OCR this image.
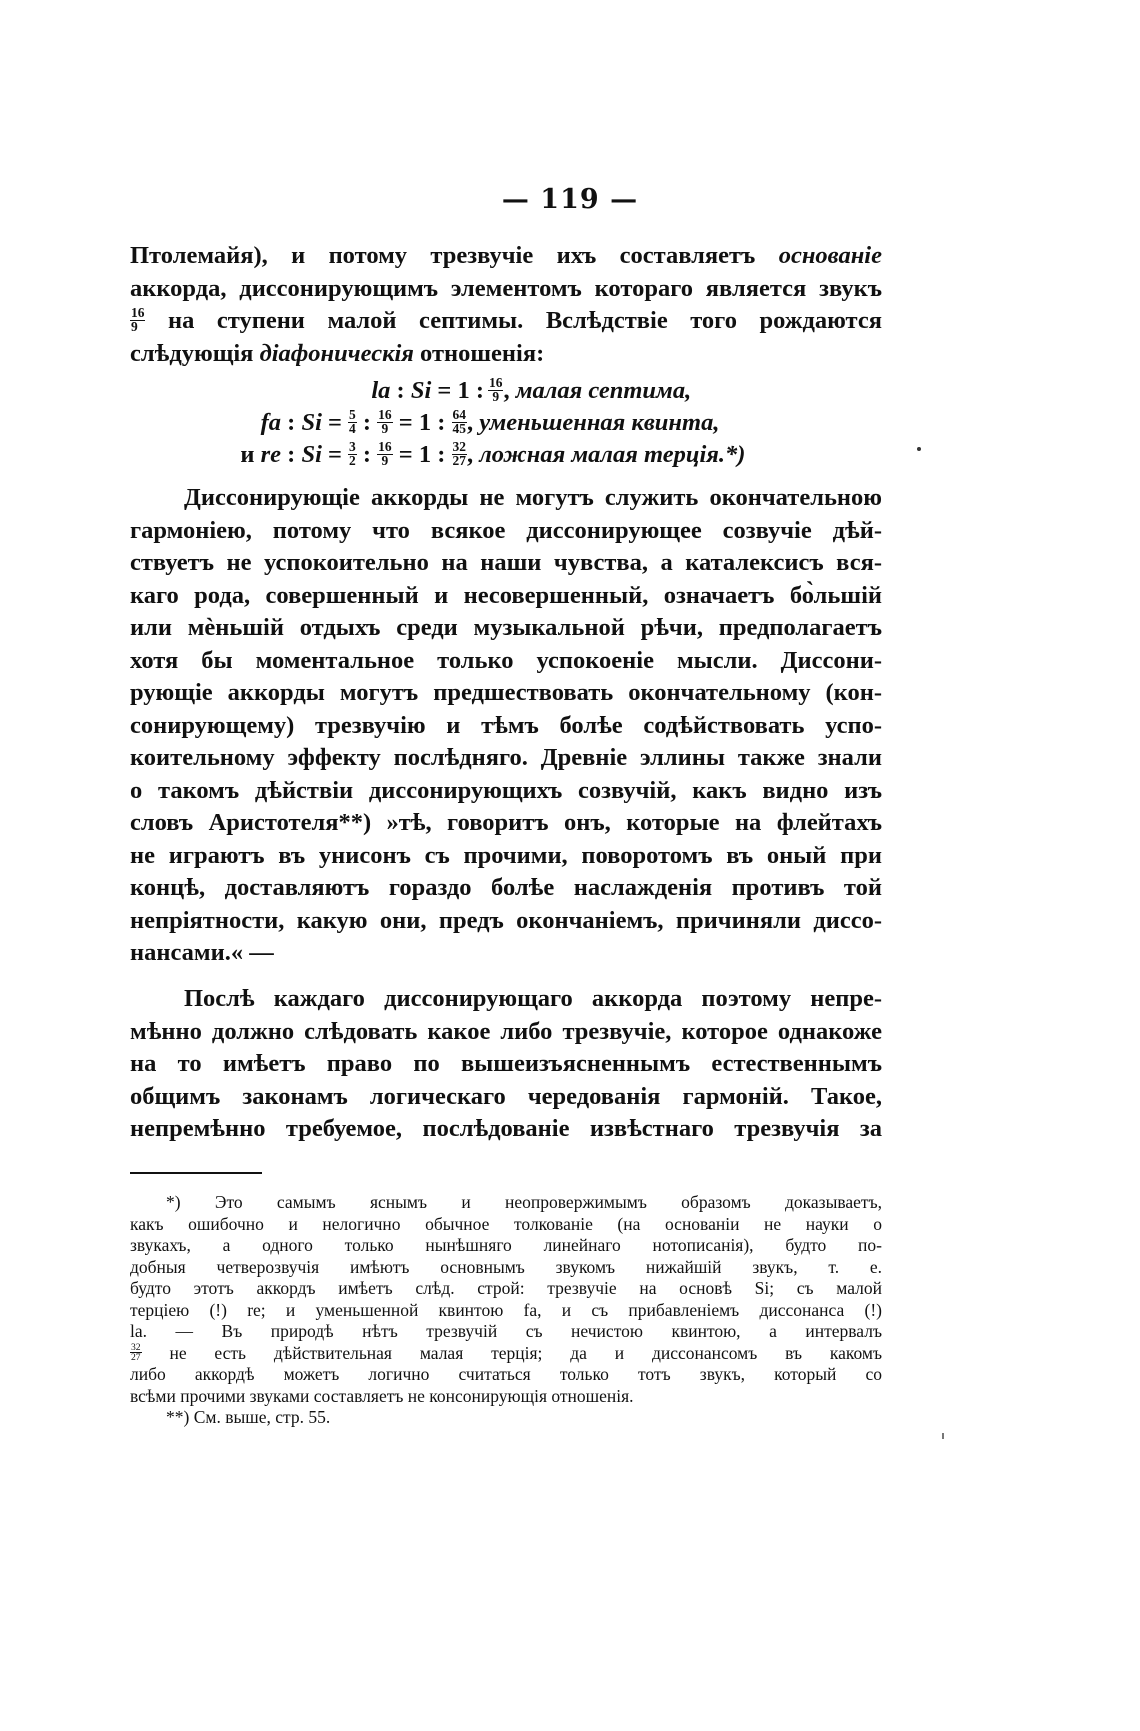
— 119 —
Птолемайя), и потому трезвучіе ихъ составляетъ основаніе
аккорда, диссонирующимъ элементомъ котораго является звукъ
$\frac{16}{9}$ на ступени малой септимы. Вслѣдствіе того рождаются
слѣдующія діафоническія отношенія:
la : Si = 1 : $\frac{16}{9}$ , малая септима,
fa : $Si = \frac{5}{4}$ : $\frac{16}{9} = 1$ : $\frac{64}{45}$ , уменьшенная квинта,
и re : $Si = \frac{3}{2}$ : $\frac{16}{9} = 1$ : $\frac{32}{27}$ , ложная малая терція.*)
Диссонирующіе аккорды не могутъ служить окончательною
гармоніею, потому что всякое диссонирующее созвучіе дѣй-
ствуетъ не успокоительно на наши чувства, а каталексисъ вся-
каго рода, совершенный и несовершенный, означаетъ бо̀льшій
или мѐньшій отдыхъ среди музыкальной рѣчи, предполагаетъ
хотя бы моментальное только успокоеніе мысли. Диссони-
рующіе аккорды могутъ предшествовать окончательному (кон-
сонирующему) трезвучію и тѣмъ болѣе содѣйствовать успо-
коительному эффекту послѣдняго. Древніе эллины также знали
о такомъ дѣйствіи диссонирующихъ созвучій, какъ видно изъ
словъ Аристотеля**) »тѣ, говоритъ онъ, которые на флейтахъ
не играютъ въ унисонъ съ прочими, поворотомъ въ оный при
концѣ, доставляютъ гораздо болѣе наслажденія противъ той
непріятности, какую они, предъ окончаніемъ, причиняли диссо-
нансами.« —
Послѣ каждаго диссонирующаго аккорда поэтому непре-
мѣнно должно слѣдовать какое либо трезвучіе, которое однакоже
на то имѣетъ право по вышеизъясненнымъ естественнымъ
общимъ законамъ логическаго чередованія гармоній. Такое,
непремѣнно требуемое, послѣдованіе извѣстнаго трезвучія за
*) Это самымъ яснымъ и неопровержимымъ образомъ доказываетъ,
какъ ошибочно и нелогично обычное толкованіе (на основаніи не науки о
звукахъ, а одного только нынѣшняго линейнаго нотописанія), будто по-
добныя четверозвучія имѣютъ основнымъ звукомъ нижайшій звукъ, т. е.
будто этотъ аккордъ имѣетъ слѣд. строй: трезвучіе на основѣ Si; съ малой
терціею (!) re; и уменьшенной квинтою fa, и съ прибавленіемъ диссонанса (!)
la. — Въ природѣ нѣтъ трезвучій съ нечистою квинтою, а интервалъ
$\frac{32}{27}$ не есть дѣйствительная малая терція; да и диссонансомъ въ какомъ
либо аккордѣ можетъ логично считаться только тотъ звукъ, который со
всѣми прочими звуками составляетъ не консонирующія отношенія.
**) См. выше, стр. 55.
